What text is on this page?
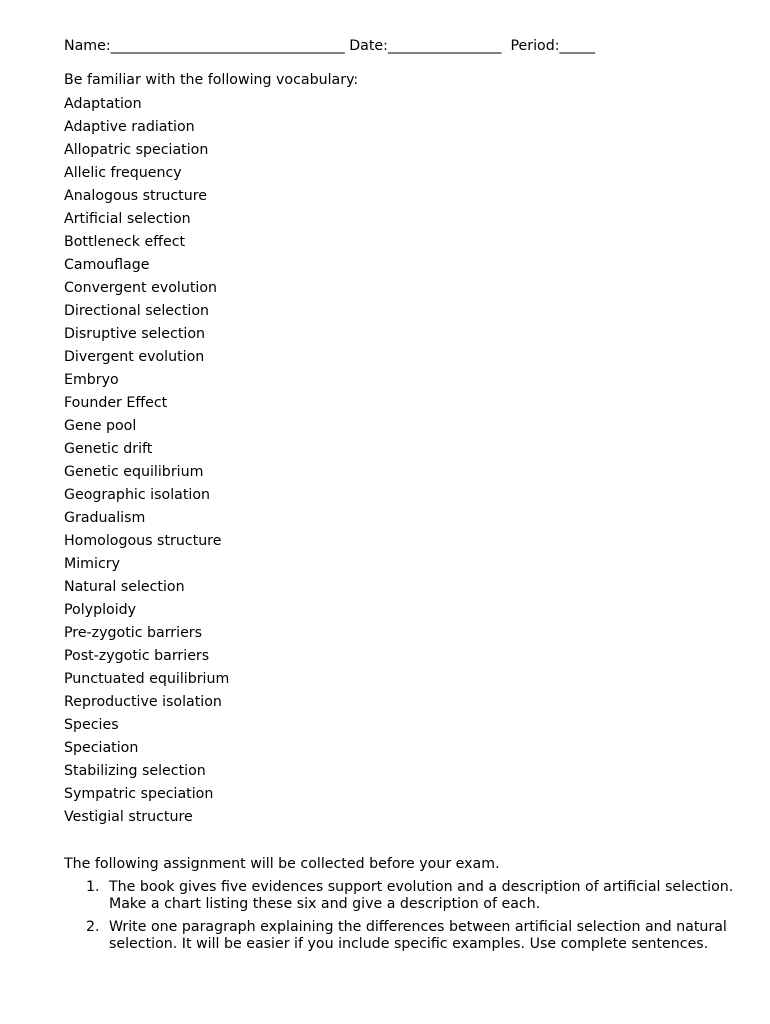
Name:_________________________________ Date:________________ Period:_____
Be familiar with the following vocabulary:
Adaptation
Adaptive radiation
Allopatric speciation
Allelic frequency
Analogous structure
Artificial selection
Bottleneck effect
Camouflage
Convergent evolution
Directional selection
Disruptive selection
Divergent evolution
Embryo
Founder Effect
Gene pool
Genetic drift
Genetic equilibrium
Geographic isolation
Gradualism
Homologous structure
Mimicry
Natural selection
Polyploidy
Pre-zygotic barriers
Post-zygotic barriers
Punctuated equilibrium
Reproductive isolation
Species
Speciation
Stabilizing selection
Sympatric speciation
Vestigial structure
The following assignment will be collected before your exam.
1. The book gives five evidences support evolution and a description of artificial selection. Make a chart listing these six and give a description of each.
2. Write one paragraph explaining the differences between artificial selection and natural selection. It will be easier if you include specific examples. Use complete sentences.
